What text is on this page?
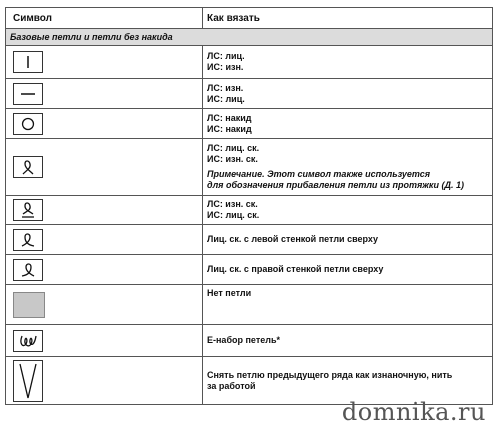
Символ	Как вязать
Базовые петли и петли без накида
ЛС: лиц.
ИС: изн.
ЛС: изн.
ИС: лиц.
ЛС: накид
ИС: накид
ЛС: лиц. ск.
ИС: изн. ск.
Примечание. Этот символ также используется
для обозначения прибавления петли из протяжки (Д. 1)
ЛС: изн. ск.
ИС: лиц. ск.
Лиц. ск. с левой стенкой петли сверху
Лиц. ск. с правой стенкой петли сверху
Нет петли
Е-набор петель*
Снять петлю предыдущего ряда как изнаночную, нить
за работой
domnika.ru
